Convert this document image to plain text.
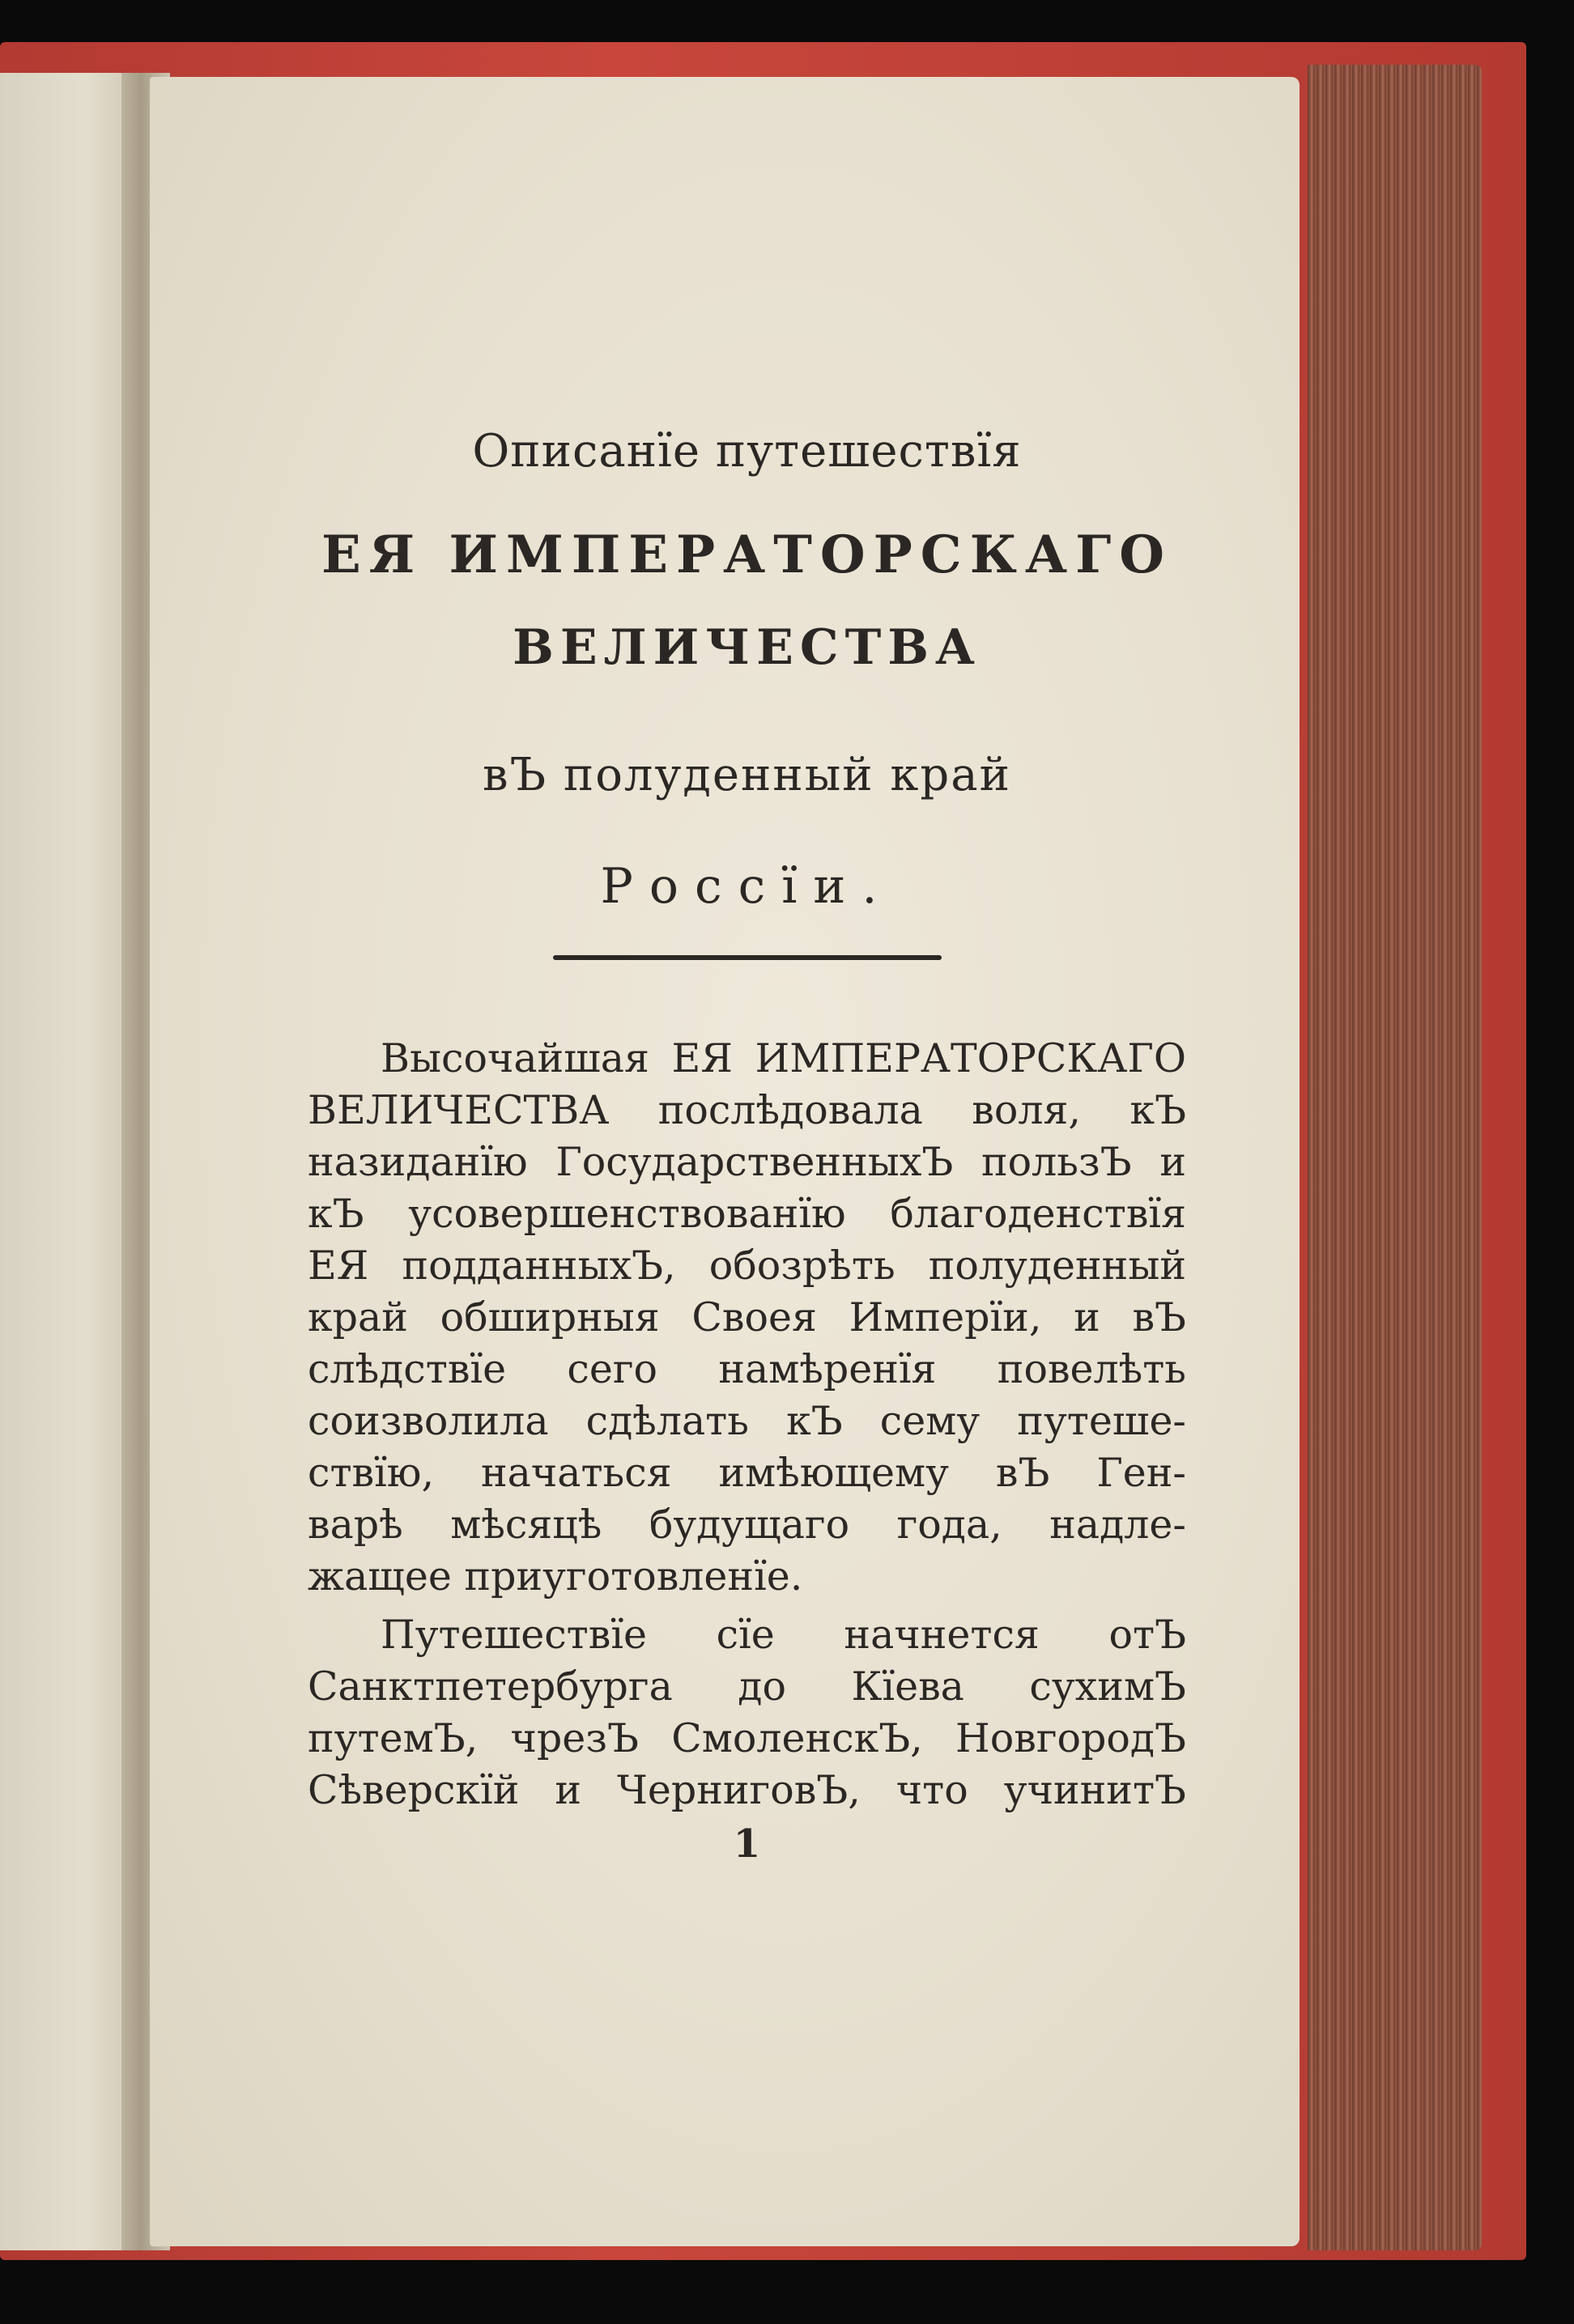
Описанїе путешествїя

ЕЯ ИМПЕРАТОРСКАГО

ВЕЛИЧЕСТВА

вЪ полуденный край

Россїи.

Высочайшая ЕЯ ИМПЕРАТОРСКАГО
ВЕЛИЧЕСТВА послѣдовала воля, кЪ
назиданїю ГосударственныхЪ пользЪ и
кЪ усовершенствованїю благоденствїя
ЕЯ подданныхЪ, обозрѣть полуденный
край обширныя Своея Имперїи, и вЪ
слѣдствїе сего намѣренїя повелѣть
соизволила сдѣлать кЪ сему путеше-
ствїю, начаться имѣющему вЪ Ген-
варѣ мѣсяцѣ будущаго года, надле-
жащее приуготовленїе.
Путешествїе сїе начнется отЪ
Санктпетербурга до Кїева сухимЪ
путемЪ, чрезЪ СмоленскЪ, НовгородЪ
Сѣверскїй и ЧерниговЪ, что учинитЪ
1
